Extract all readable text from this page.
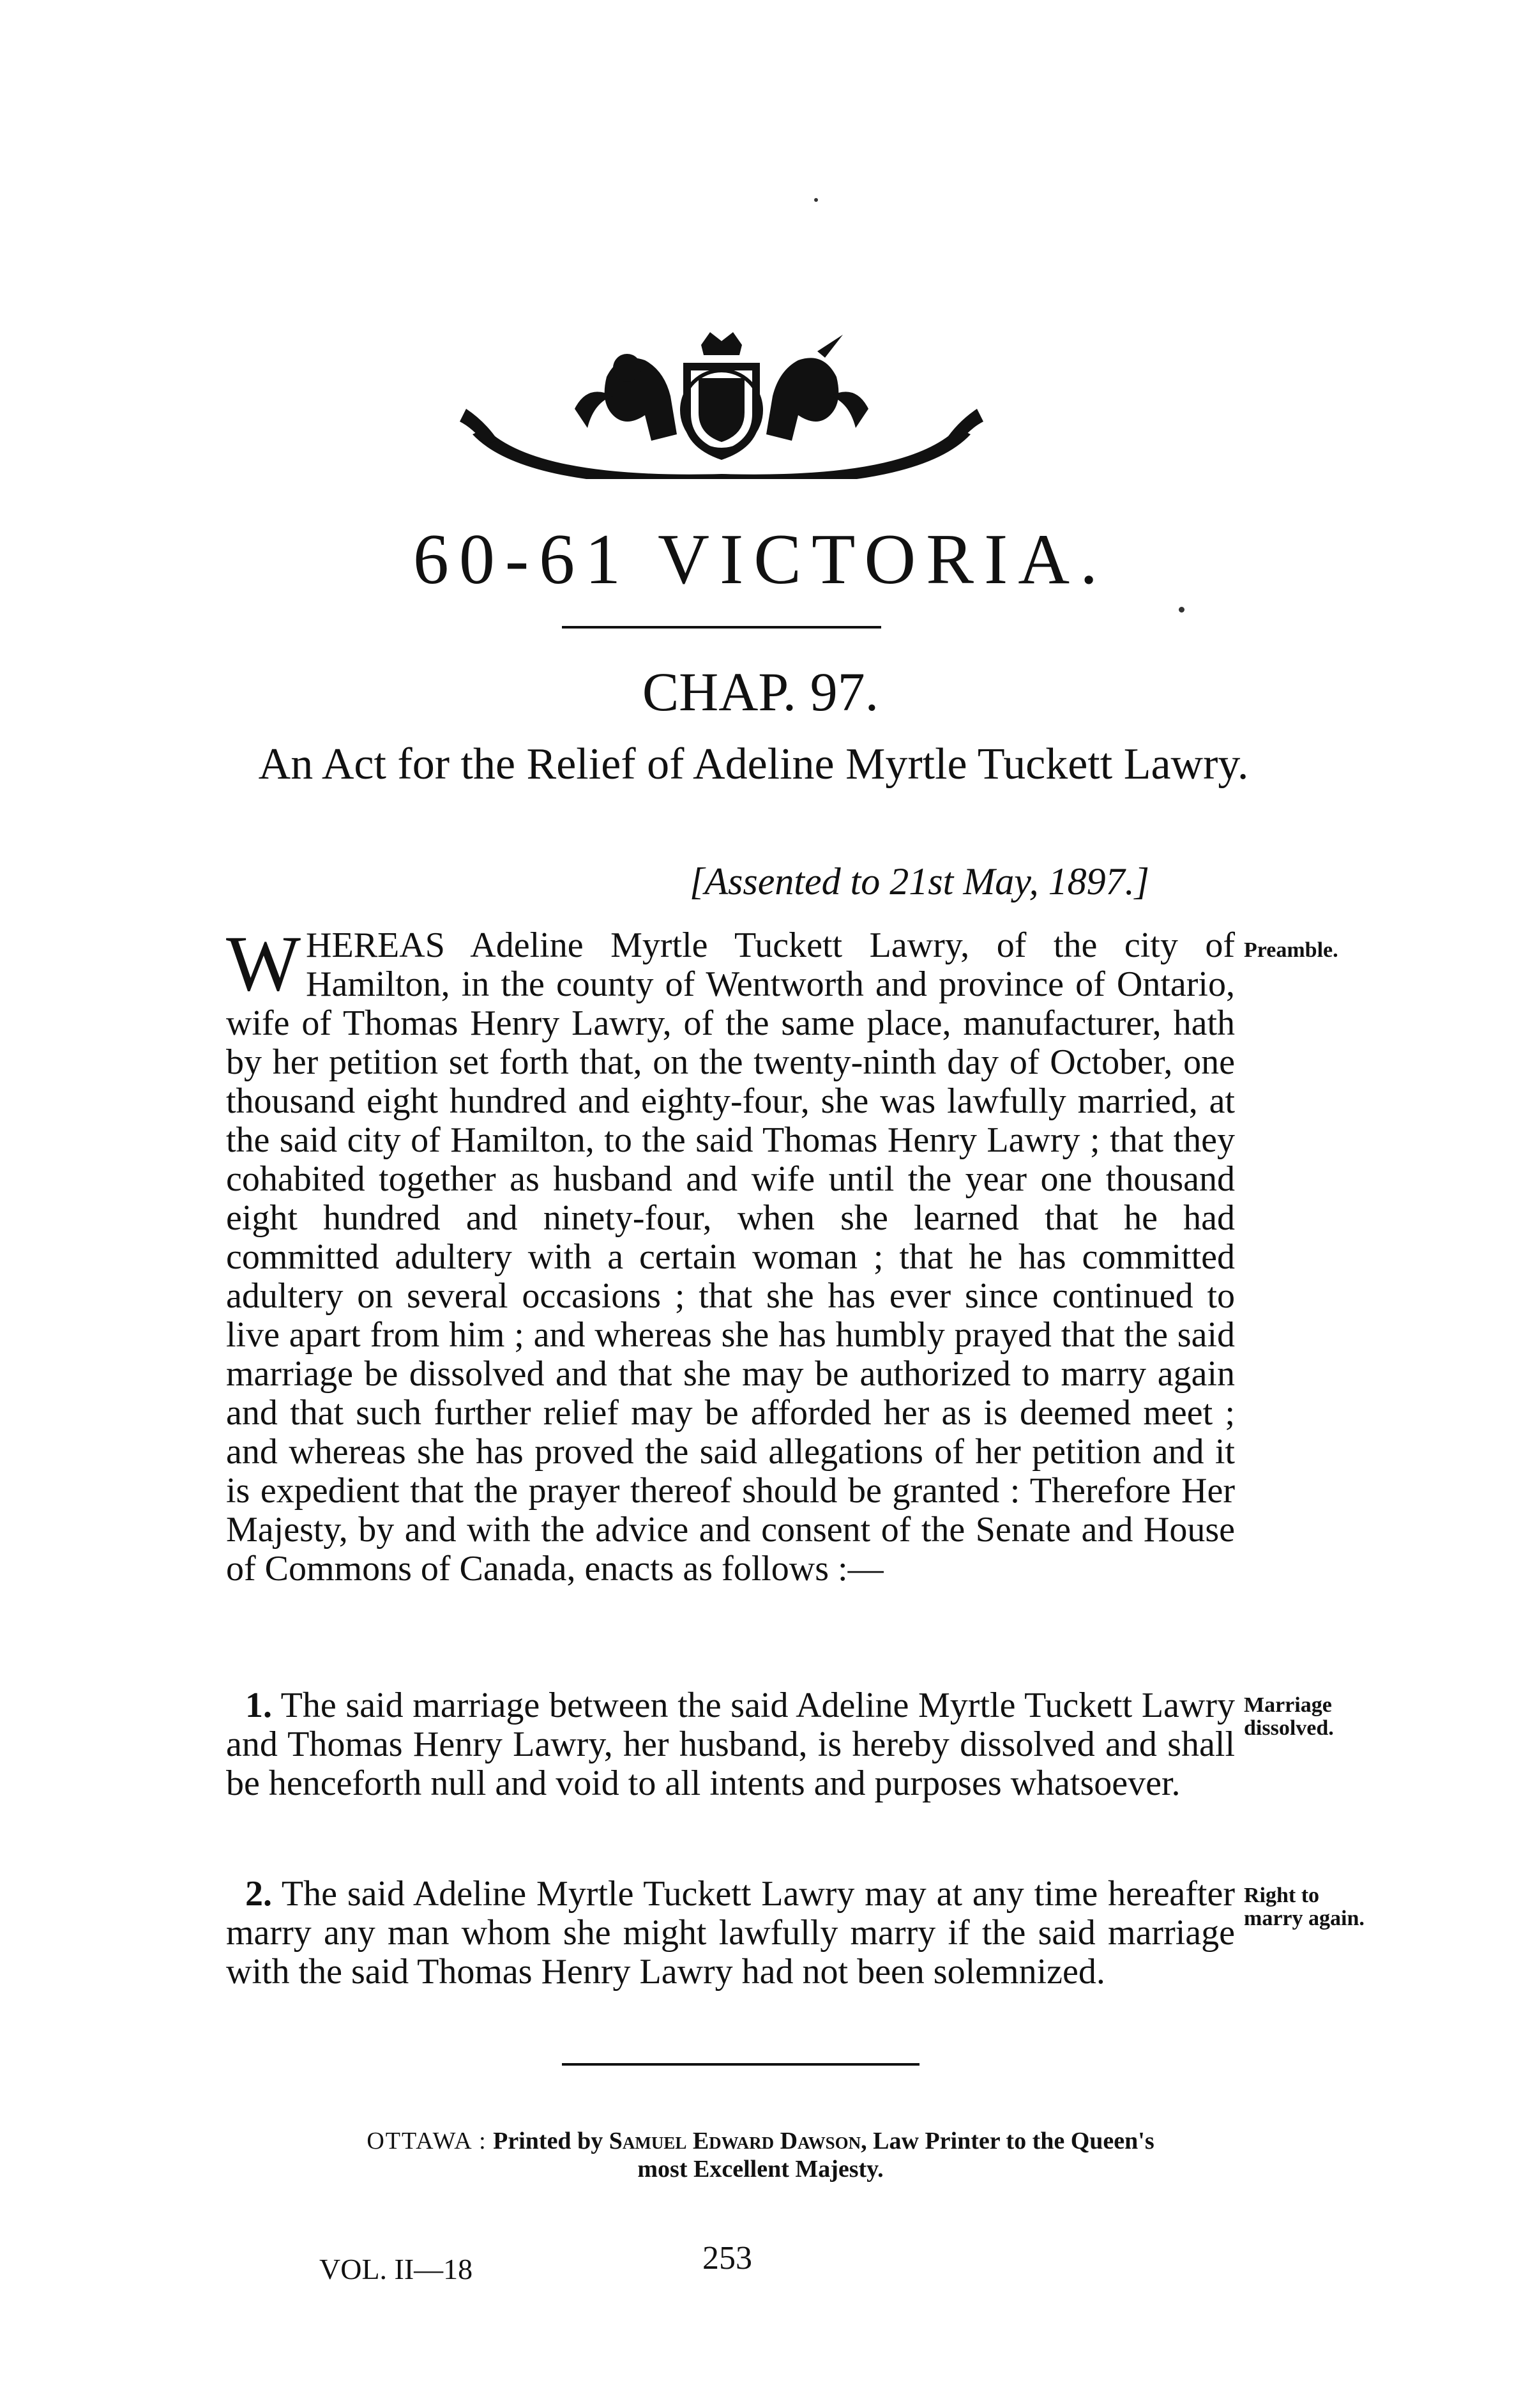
60-61 VICTORIA.
CHAP. 97.
An Act for the Relief of Adeline Myrtle Tuckett Lawry.
[Assented to 21st May, 1897.]
WHEREAS Adeline Myrtle Tuckett Lawry, of the city of Hamilton, in the county of Wentworth and province of Ontario, wife of Thomas Henry Lawry, of the same place, manufacturer, hath by her petition set forth that, on the twenty-ninth day of October, one thousand eight hundred and eighty-four, she was lawfully married, at the said city of Hamilton, to the said Thomas Henry Lawry ; that they cohabited together as husband and wife until the year one thousand eight hundred and ninety-four, when she learned that he had committed adultery with a certain woman ; that he has committed adultery on several occasions ; that she has ever since continued to live apart from him ; and whereas she has humbly prayed that the said marriage be dissolved and that she may be authorized to marry again and that such further relief may be afforded her as is deemed meet ; and whereas she has proved the said allegations of her petition and it is expedient that the prayer thereof should be granted : Therefore Her Majesty, by and with the advice and consent of the Senate and House of Commons of Canada, enacts as follows :—
Preamble.
1. The said marriage between the said Adeline Myrtle Tuckett Lawry and Thomas Henry Lawry, her husband, is hereby dissolved and shall be henceforth null and void to all intents and purposes whatsoever.
Marriage
dissolved.
2. The said Adeline Myrtle Tuckett Lawry may at any time hereafter marry any man whom she might lawfully marry if the said marriage with the said Thomas Henry Lawry had not been solemnized.
Right to
marry again.
OTTAWA : Printed by Samuel Edward Dawson, Law Printer to the Queen's
most Excellent Majesty.
VOL. II—18	253
